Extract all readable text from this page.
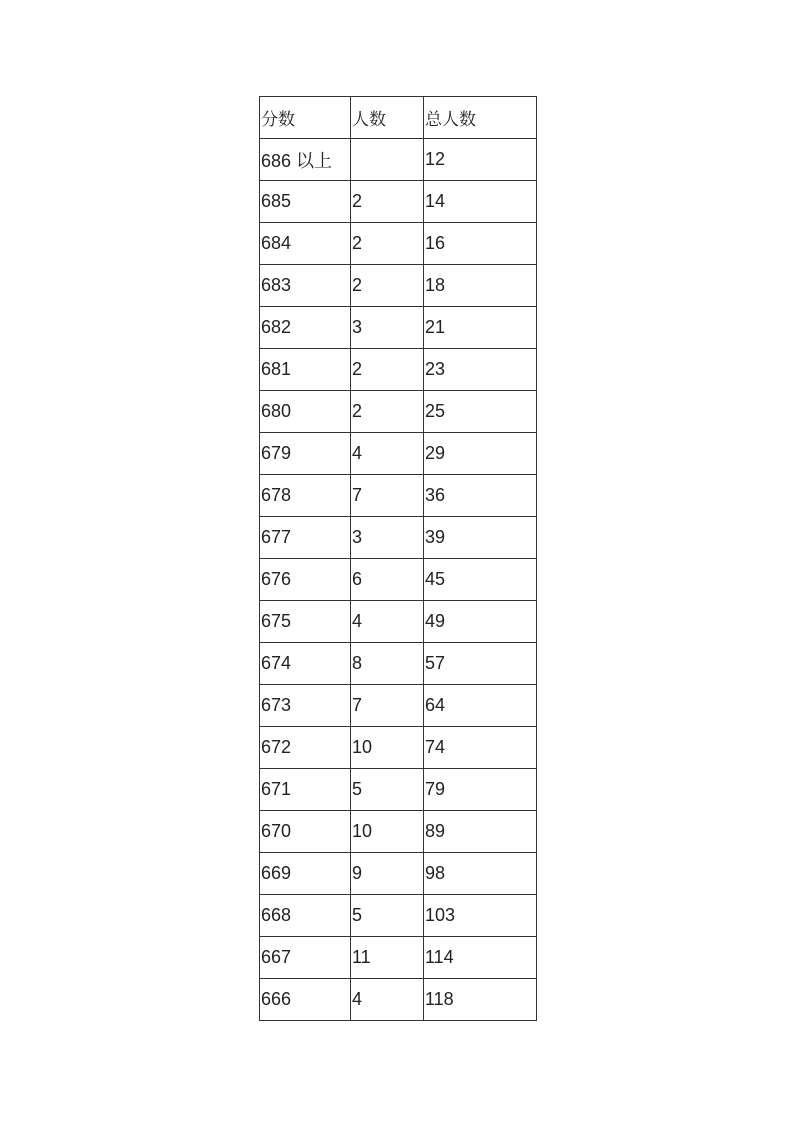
分数	人数	总人数
686 以上		12
685	2	14
684	2	16
683	2	18
682	3	21
681	2	23
680	2	25
679	4	29
678	7	36
677	3	39
676	6	45
675	4	49
674	8	57
673	7	64
672	10	74
671	5	79
670	10	89
669	9	98
668	5	103
667	11	114
666	4	118
